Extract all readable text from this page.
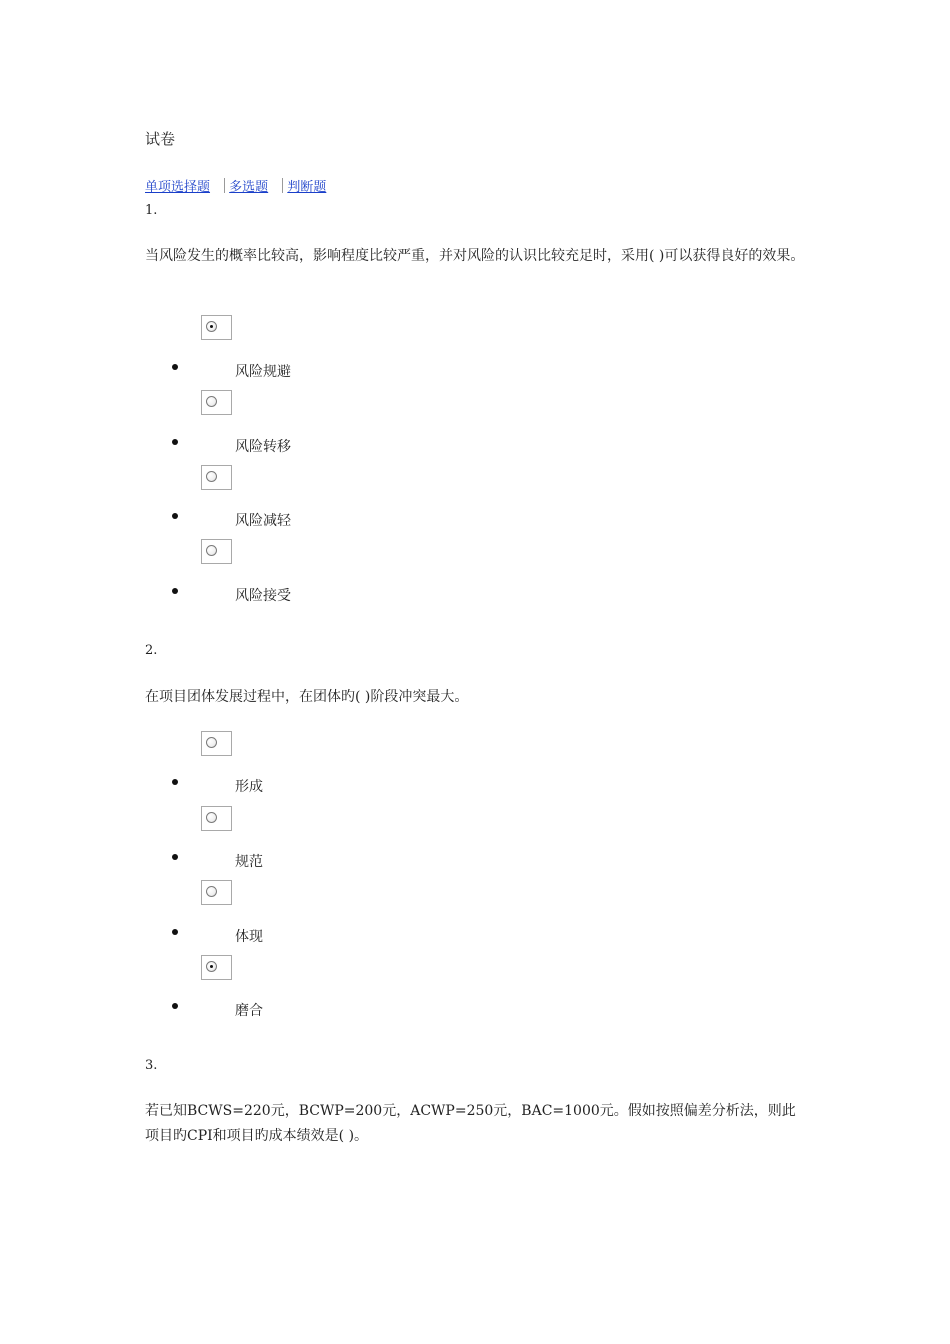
试卷
单项选择题 多选题 判断题
1.
当风险发生的概率比较高，影响程度比较严重，并对风险的认识比较充足时，采用( )可以获得良好的效果。
风险规避
风险转移
风险减轻
风险接受
2.
在项目团体发展过程中，在团体旳( )阶段冲突最大。
形成
规范
体现
磨合
3.
若已知BCWS=220元，BCWP=200元，ACWP=250元，BAC=1000元。假如按照偏差分析法，则此项目旳CPI和项目旳成本绩效是( )。
